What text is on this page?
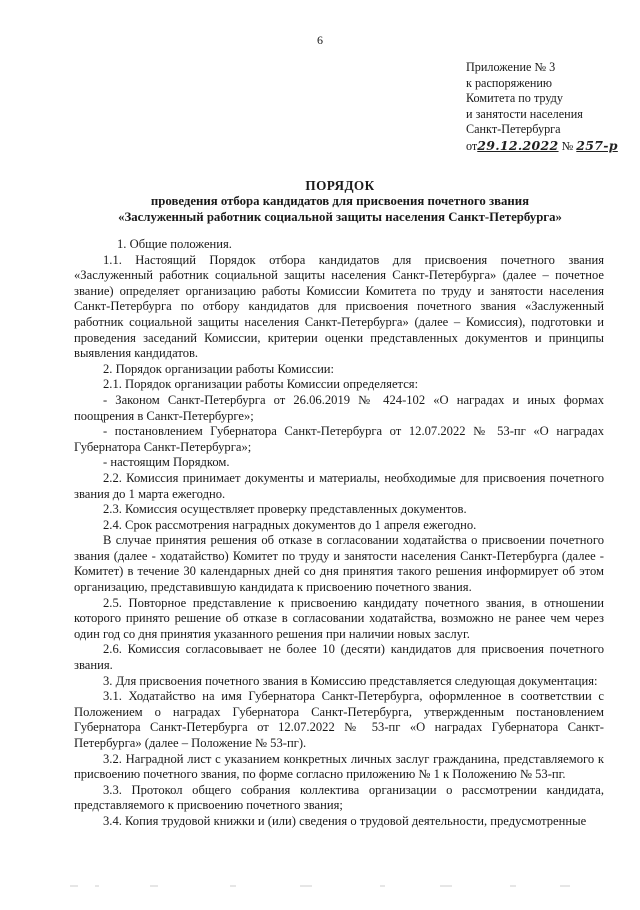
6
Приложение № 3
к распоряжению
Комитета по труду
и занятости населения
Санкт-Петербурга
от29.12.2022 № 257-р
ПОРЯДОК
проведения отбора кандидатов для присвоения почетного звания
«Заслуженный работник социальной защиты населения Санкт-Петербурга»

1. Общие положения.

1.1. Настоящий Порядок отбора кандидатов для присвоения почетного звания «Заслуженный работник социальной защиты населения Санкт-Петербурга» (далее – почетное звание) определяет организацию работы Комиссии Комитета по труду и занятости населения Санкт-Петербурга по отбору кандидатов для присвоения почетного звания «Заслуженный работник социальной защиты населения Санкт-Петербурга» (далее – Комиссия), подготовки и проведения заседаний Комиссии, критерии оценки представленных документов и принципы выявления кандидатов.

2. Порядок организации работы Комиссии:

2.1. Порядок организации работы Комиссии определяется:

- Законом Санкт-Петербурга от 26.06.2019 № 424-102 «О наградах и иных формах поощрения в Санкт-Петербурге»;

- постановлением Губернатора Санкт-Петербурга от 12.07.2022 № 53-пг «О наградах Губернатора Санкт-Петербурга»;

- настоящим Порядком.

2.2. Комиссия принимает документы и материалы, необходимые для присвоения почетного звания до 1 марта ежегодно.

2.3. Комиссия осуществляет проверку представленных документов.

2.4. Срок рассмотрения наградных документов до 1 апреля ежегодно.

В случае принятия решения об отказе в согласовании ходатайства о присвоении почетного звания (далее - ходатайство) Комитет по труду и занятости населения Санкт-Петербурга (далее - Комитет) в течение 30 календарных дней со дня принятия такого решения информирует об этом организацию, представившую кандидата к присвоению почетного звания.

2.5. Повторное представление к присвоению кандидату почетного звания, в отношении которого принято решение об отказе в согласовании ходатайства, возможно не ранее чем через один год со дня принятия указанного решения при наличии новых заслуг.

2.6. Комиссия согласовывает не более 10 (десяти) кандидатов для присвоения почетного звания.

3. Для присвоения почетного звания в Комиссию представляется следующая документация:

3.1. Ходатайство на имя Губернатора Санкт-Петербурга, оформленное в соответствии с Положением о наградах Губернатора Санкт-Петербурга, утвержденным постановлением Губернатора Санкт-Петербурга от 12.07.2022 № 53-пг «О наградах Губернатора Санкт-Петербурга» (далее – Положение № 53-пг).

3.2. Наградной лист с указанием конкретных личных заслуг гражданина, представляемого к присвоению почетного звания, по форме согласно приложению № 1 к Положению № 53-пг.

3.3. Протокол общего собрания коллектива организации о рассмотрении кандидата, представляемого к присвоению почетного звания;

3.4. Копия трудовой книжки и (или) сведения о трудовой деятельности, предусмотренные
